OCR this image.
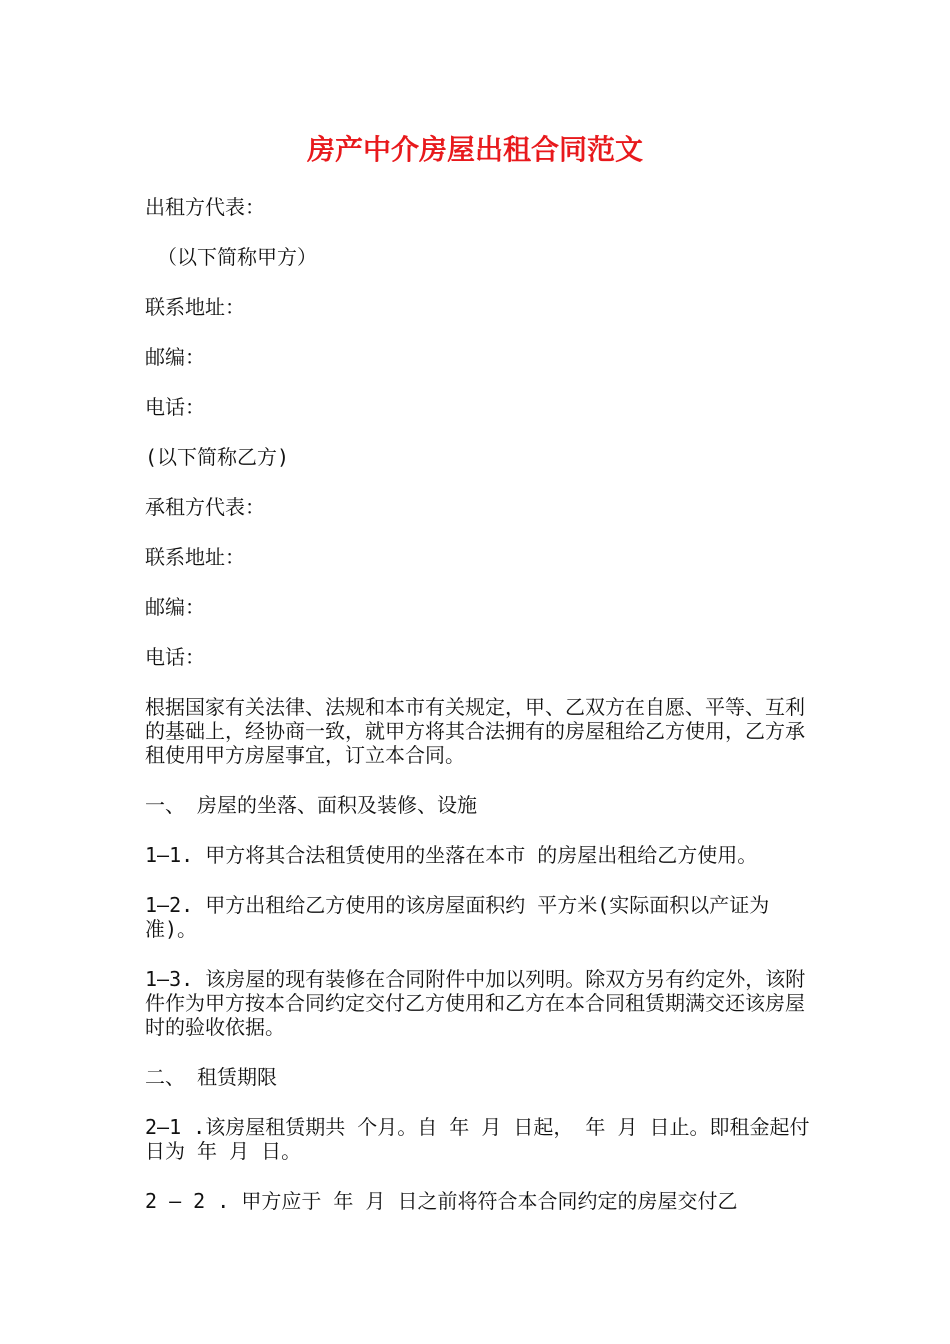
房产中介房屋出租合同范文

出租方代表：

（以下简称甲方）

联系地址：

邮编：

电话：

(以下简称乙方)

承租方代表：

联系地址：

邮编：

电话：

根据国家有关法律、法规和本市有关规定，甲、乙双方在自愿、平等、互利的基础上，经协商一致，就甲方将其合法拥有的房屋租给乙方使用，乙方承租使用甲方房屋事宜，订立本合同。

一、 房屋的坐落、面积及装修、设施

1—1. 甲方将其合法租赁使用的坐落在本市 的房屋出租给乙方使用。

1—2. 甲方出租给乙方使用的该房屋面积约 平方米(实际面积以产证为准)。

1—3. 该房屋的现有装修在合同附件中加以列明。除双方另有约定外，该附件作为甲方按本合同约定交付乙方使用和乙方在本合同租赁期满交还该房屋时的验收依据。

二、 租赁期限

2—1 .该房屋租赁期共 个月。自 年 月 日起， 年 月 日止。即租金起付日为 年 月 日。

2 — 2 . 甲方应于 年 月 日之前将符合本合同约定的房屋交付乙
